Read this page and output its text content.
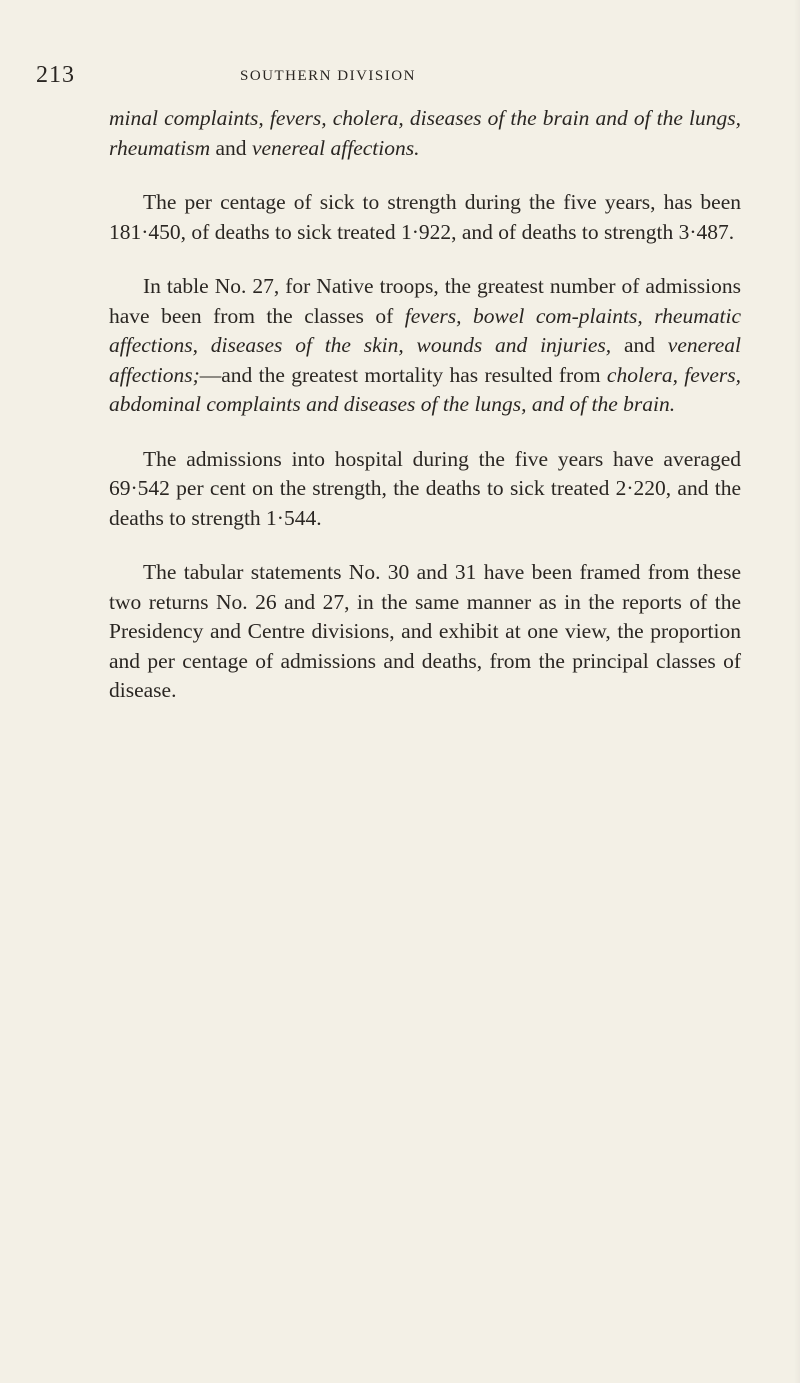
213	SOUTHERN DIVISION

minal complaints, fevers, cholera, diseases of the brain and of the lungs, rheumatism and venereal affections.

The per centage of sick to strength during the five years, has been 181·450, of deaths to sick treated 1·922, and of deaths to strength 3·487.

In table No. 27, for Native troops, the greatest number of admissions have been from the classes of fevers, bowel com-plaints, rheumatic affections, diseases of the skin, wounds and injuries, and venereal affections;—and the greatest mortality has resulted from cholera, fevers, abdominal complaints and diseases of the lungs, and of the brain.

The admissions into hospital during the five years have averaged 69·542 per cent on the strength, the deaths to sick treated 2·220, and the deaths to strength 1·544.

The tabular statements No. 30 and 31 have been framed from these two returns No. 26 and 27, in the same manner as in the reports of the Presidency and Centre divisions, and exhibit at one view, the proportion and per centage of admissions and deaths, from the principal classes of disease.
